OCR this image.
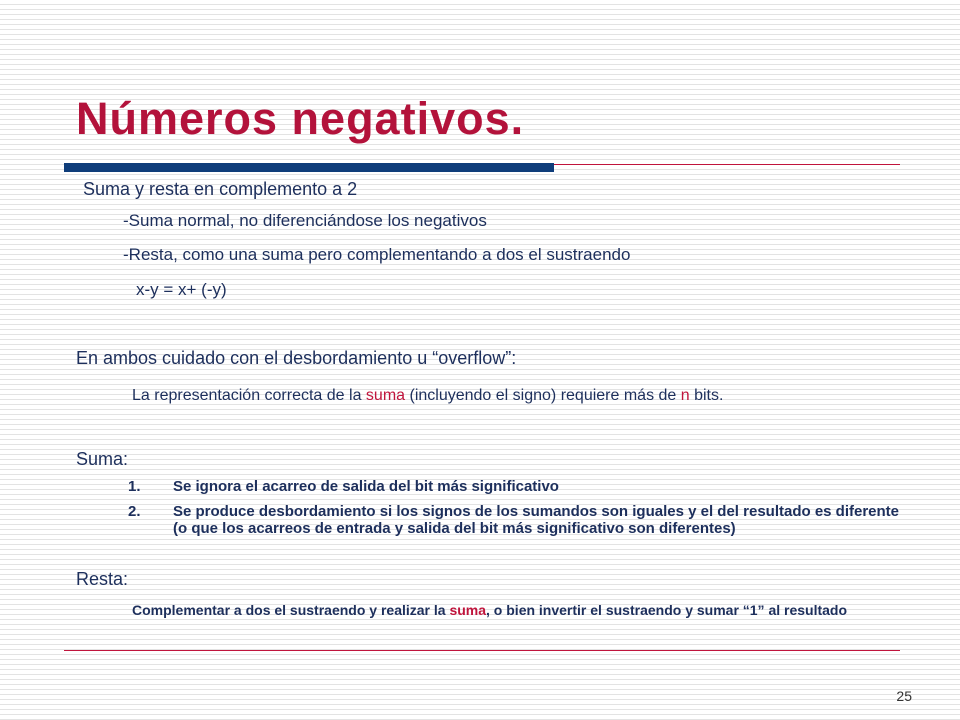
Números negativos.
Suma y resta en complemento a 2
-Suma normal, no diferenciándose los negativos
-Resta, como una suma pero complementando a dos el sustraendo
x-y = x+ (-y)
En ambos cuidado con el desbordamiento u “overflow”:
La representación correcta de la suma (incluyendo el signo) requiere más de n bits.
Suma:
1. Se ignora el acarreo de salida del bit más significativo
2. Se produce desbordamiento si los signos de los sumandos son iguales y el del resultado es diferente (o que los acarreos de entrada y salida del bit más significativo son diferentes)
Resta:
Complementar a dos el sustraendo y realizar la suma, o bien invertir el sustraendo y sumar “1” al resultado
25
